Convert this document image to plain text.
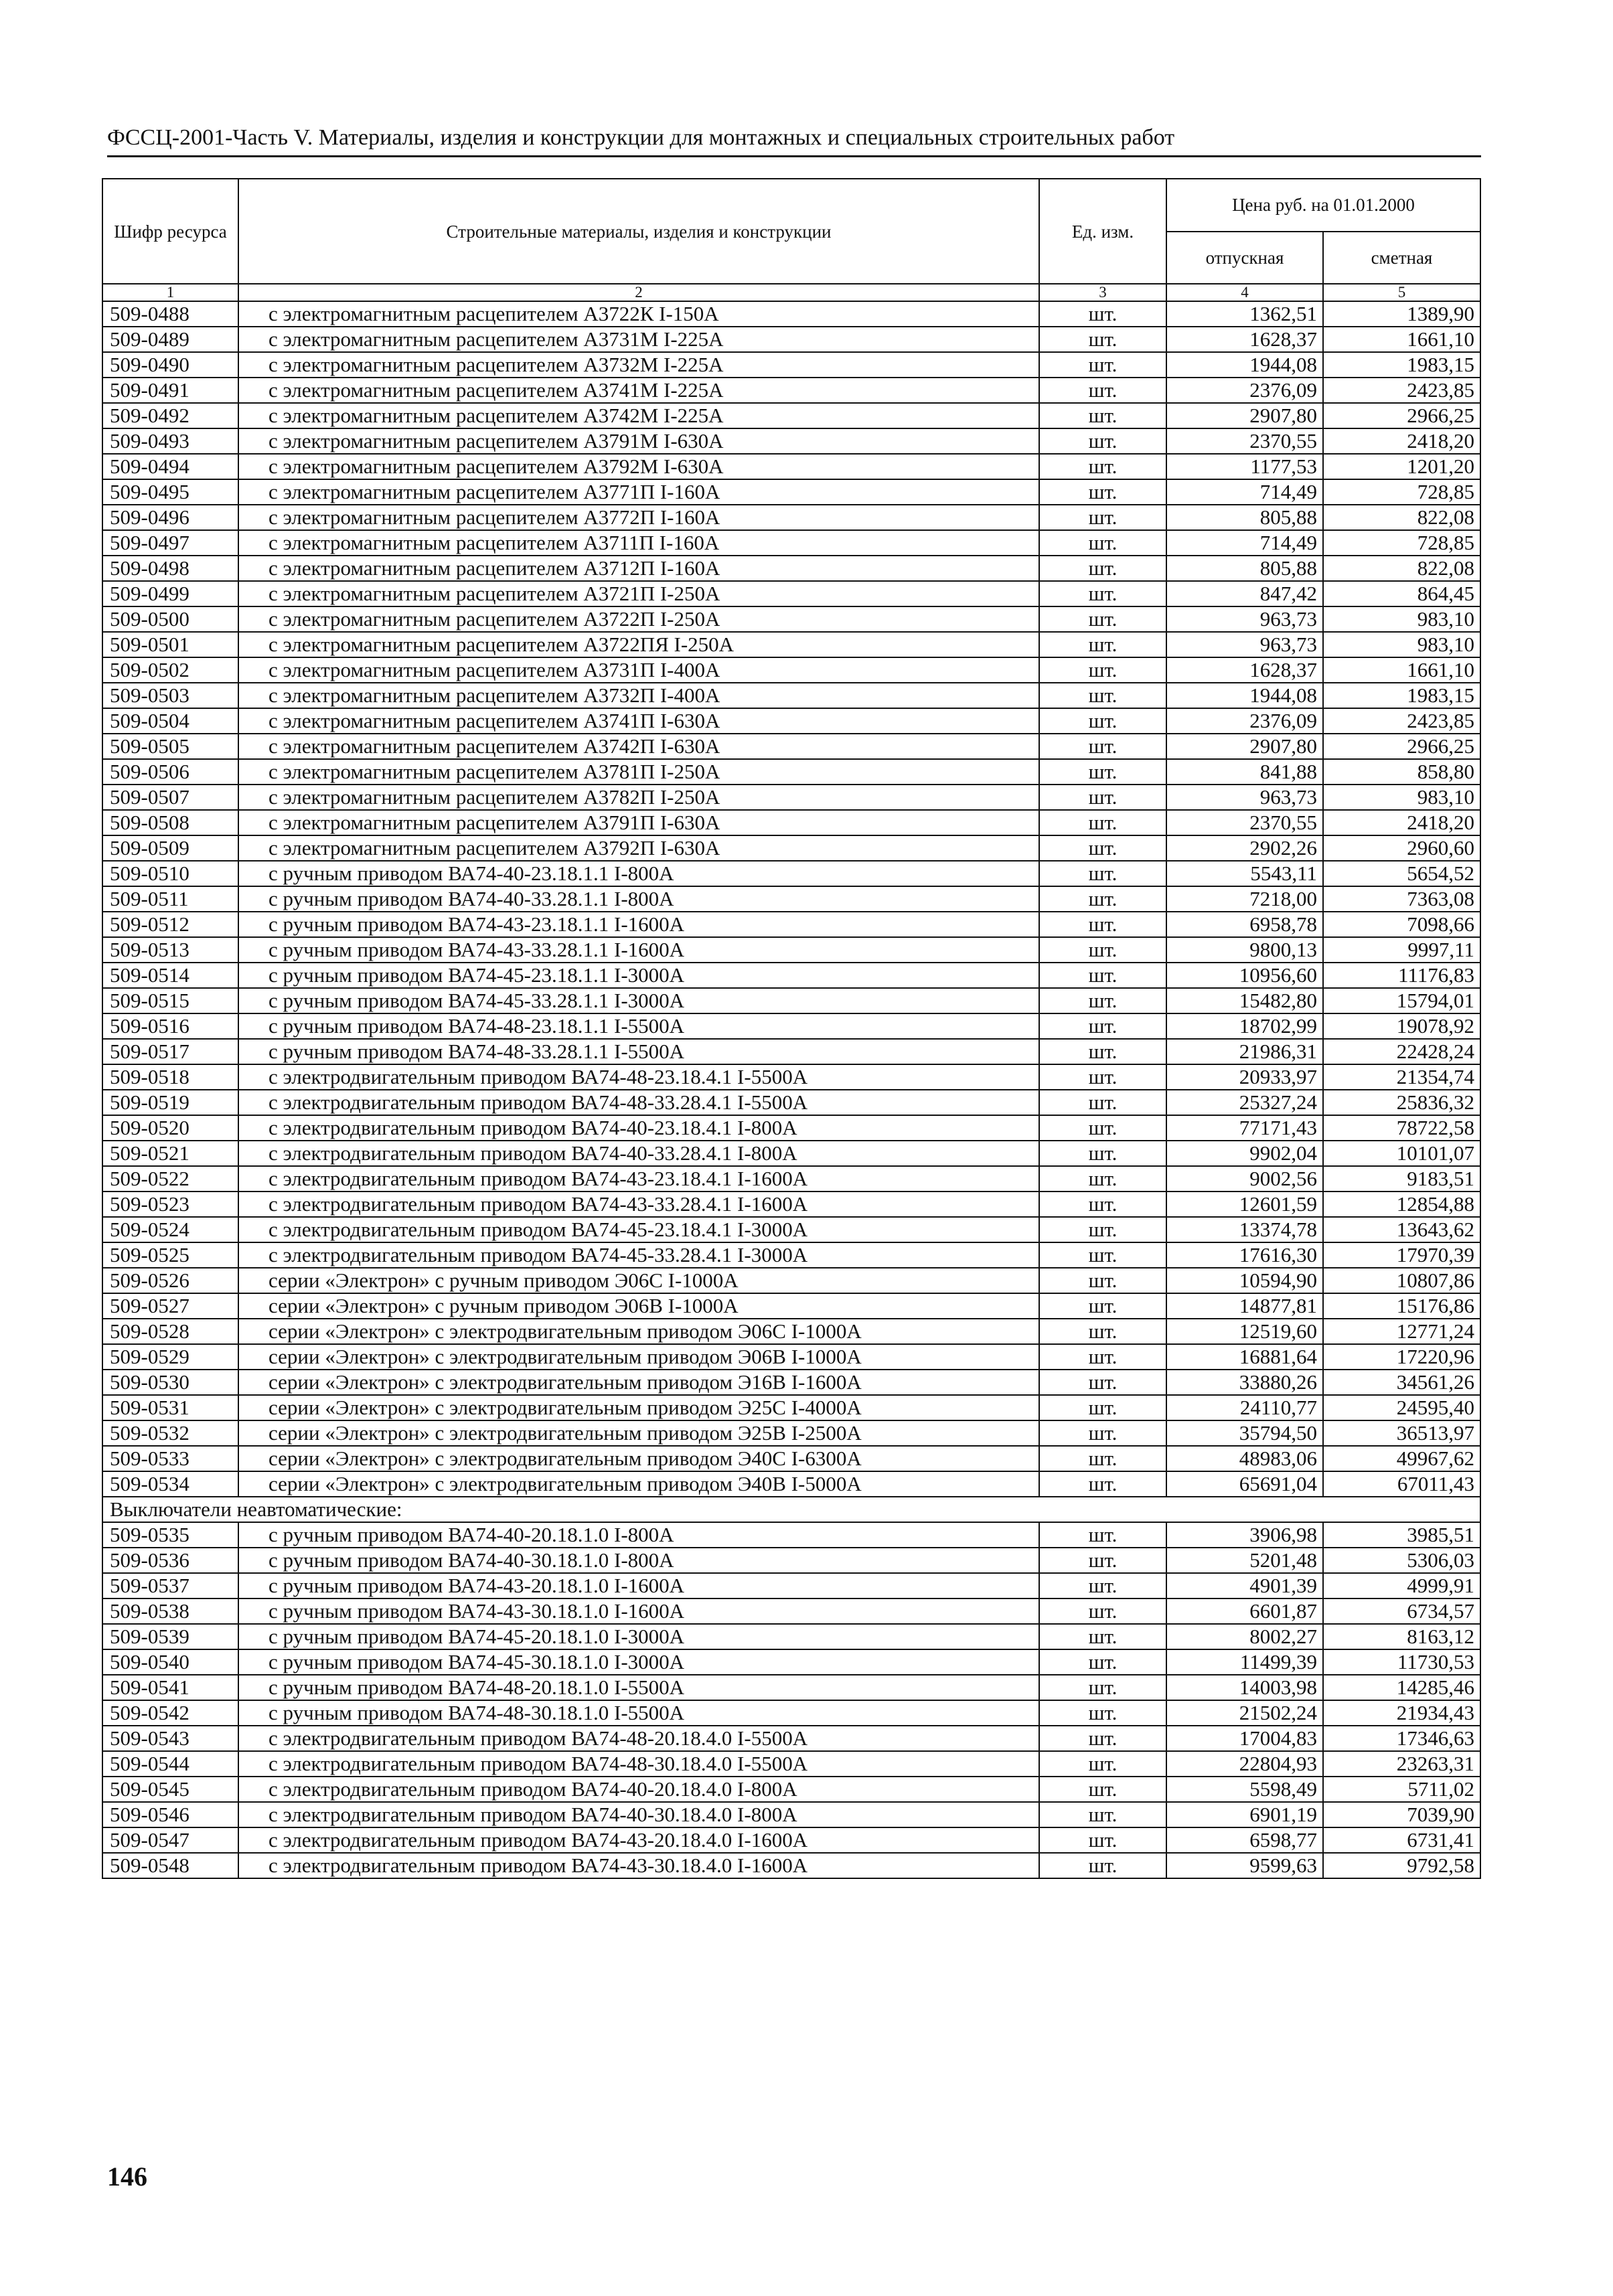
ФССЦ-2001-Часть V. Материалы, изделия и конструкции для монтажных и специальных строительных работ
Шифр ресурса	Строительные материалы, изделия и конструкции	Ед. изм.	Цена руб. на 01.01.2000	
			отпускная	сметная
1	2	3	4	5
509-0488	с электромагнитным расцепителем А3722К I-150А	шт.	1362,51	1389,90
509-0489	с электромагнитным расцепителем А3731М I-225А	шт.	1628,37	1661,10
509-0490	с электромагнитным расцепителем А3732М I-225А	шт.	1944,08	1983,15
509-0491	с электромагнитным расцепителем А3741М I-225А	шт.	2376,09	2423,85
509-0492	с электромагнитным расцепителем А3742М I-225А	шт.	2907,80	2966,25
509-0493	с электромагнитным расцепителем А3791М I-630А	шт.	2370,55	2418,20
509-0494	с электромагнитным расцепителем А3792М I-630А	шт.	1177,53	1201,20
509-0495	с электромагнитным расцепителем А3771П I-160А	шт.	714,49	728,85
509-0496	с электромагнитным расцепителем А3772П I-160А	шт.	805,88	822,08
509-0497	с электромагнитным расцепителем А3711П I-160А	шт.	714,49	728,85
509-0498	с электромагнитным расцепителем А3712П I-160А	шт.	805,88	822,08
509-0499	с электромагнитным расцепителем А3721П I-250А	шт.	847,42	864,45
509-0500	с электромагнитным расцепителем А3722П I-250А	шт.	963,73	983,10
509-0501	с электромагнитным расцепителем А3722ПЯ I-250А	шт.	963,73	983,10
509-0502	с электромагнитным расцепителем А3731П I-400А	шт.	1628,37	1661,10
509-0503	с электромагнитным расцепителем А3732П I-400А	шт.	1944,08	1983,15
509-0504	с электромагнитным расцепителем А3741П I-630А	шт.	2376,09	2423,85
509-0505	с электромагнитным расцепителем А3742П I-630А	шт.	2907,80	2966,25
509-0506	с электромагнитным расцепителем А3781П I-250А	шт.	841,88	858,80
509-0507	с электромагнитным расцепителем А3782П I-250А	шт.	963,73	983,10
509-0508	с электромагнитным расцепителем А3791П I-630А	шт.	2370,55	2418,20
509-0509	с электромагнитным расцепителем А3792П I-630А	шт.	2902,26	2960,60
509-0510	с ручным приводом ВА74-40-23.18.1.1 I-800А	шт.	5543,11	5654,52
509-0511	с ручным приводом ВА74-40-33.28.1.1 I-800А	шт.	7218,00	7363,08
509-0512	с ручным приводом ВА74-43-23.18.1.1 I-1600А	шт.	6958,78	7098,66
509-0513	с ручным приводом ВА74-43-33.28.1.1 I-1600А	шт.	9800,13	9997,11
509-0514	с ручным приводом ВА74-45-23.18.1.1 I-3000А	шт.	10956,60	11176,83
509-0515	с ручным приводом ВА74-45-33.28.1.1 I-3000А	шт.	15482,80	15794,01
509-0516	с ручным приводом ВА74-48-23.18.1.1 I-5500А	шт.	18702,99	19078,92
509-0517	с ручным приводом ВА74-48-33.28.1.1 I-5500А	шт.	21986,31	22428,24
509-0518	с электродвигательным приводом ВА74-48-23.18.4.1 I-5500А	шт.	20933,97	21354,74
509-0519	с электродвигательным приводом ВА74-48-33.28.4.1 I-5500А	шт.	25327,24	25836,32
509-0520	с электродвигательным приводом ВА74-40-23.18.4.1 I-800А	шт.	77171,43	78722,58
509-0521	с электродвигательным приводом ВА74-40-33.28.4.1 I-800А	шт.	9902,04	10101,07
509-0522	с электродвигательным приводом ВА74-43-23.18.4.1 I-1600А	шт.	9002,56	9183,51
509-0523	с электродвигательным приводом ВА74-43-33.28.4.1 I-1600А	шт.	12601,59	12854,88
509-0524	с электродвигательным приводом ВА74-45-23.18.4.1 I-3000А	шт.	13374,78	13643,62
509-0525	с электродвигательным приводом ВА74-45-33.28.4.1 I-3000А	шт.	17616,30	17970,39
509-0526	серии «Электрон» с ручным приводом Э06С I-1000А	шт.	10594,90	10807,86
509-0527	серии «Электрон» с ручным приводом Э06В I-1000А	шт.	14877,81	15176,86
509-0528	серии «Электрон» с электродвигательным приводом Э06С I-1000А	шт.	12519,60	12771,24
509-0529	серии «Электрон» с электродвигательным приводом Э06В I-1000А	шт.	16881,64	17220,96
509-0530	серии «Электрон» с электродвигательным приводом Э16В I-1600А	шт.	33880,26	34561,26
509-0531	серии «Электрон» с электродвигательным приводом Э25С I-4000А	шт.	24110,77	24595,40
509-0532	серии «Электрон» с электродвигательным приводом Э25В I-2500А	шт.	35794,50	36513,97
509-0533	серии «Электрон» с электродвигательным приводом Э40С I-6300А	шт.	48983,06	49967,62
509-0534	серии «Электрон» с электродвигательным приводом Э40В I-5000А	шт.	65691,04	67011,43
Выключатели неавтоматические:				
509-0535	с ручным приводом ВА74-40-20.18.1.0 I-800А	шт.	3906,98	3985,51
509-0536	с ручным приводом ВА74-40-30.18.1.0 I-800А	шт.	5201,48	5306,03
509-0537	с ручным приводом ВА74-43-20.18.1.0 I-1600А	шт.	4901,39	4999,91
509-0538	с ручным приводом ВА74-43-30.18.1.0 I-1600А	шт.	6601,87	6734,57
509-0539	с ручным приводом ВА74-45-20.18.1.0 I-3000А	шт.	8002,27	8163,12
509-0540	с ручным приводом ВА74-45-30.18.1.0 I-3000А	шт.	11499,39	11730,53
509-0541	с ручным приводом ВА74-48-20.18.1.0 I-5500А	шт.	14003,98	14285,46
509-0542	с ручным приводом ВА74-48-30.18.1.0 I-5500А	шт.	21502,24	21934,43
509-0543	с электродвигательным приводом ВА74-48-20.18.4.0 I-5500А	шт.	17004,83	17346,63
509-0544	с электродвигательным приводом ВА74-48-30.18.4.0 I-5500А	шт.	22804,93	23263,31
509-0545	с электродвигательным приводом ВА74-40-20.18.4.0 I-800А	шт.	5598,49	5711,02
509-0546	с электродвигательным приводом ВА74-40-30.18.4.0 I-800А	шт.	6901,19	7039,90
509-0547	с электродвигательным приводом ВА74-43-20.18.4.0 I-1600А	шт.	6598,77	6731,41
509-0548	с электродвигательным приводом ВА74-43-30.18.4.0 I-1600А	шт.	9599,63	9792,58
146
